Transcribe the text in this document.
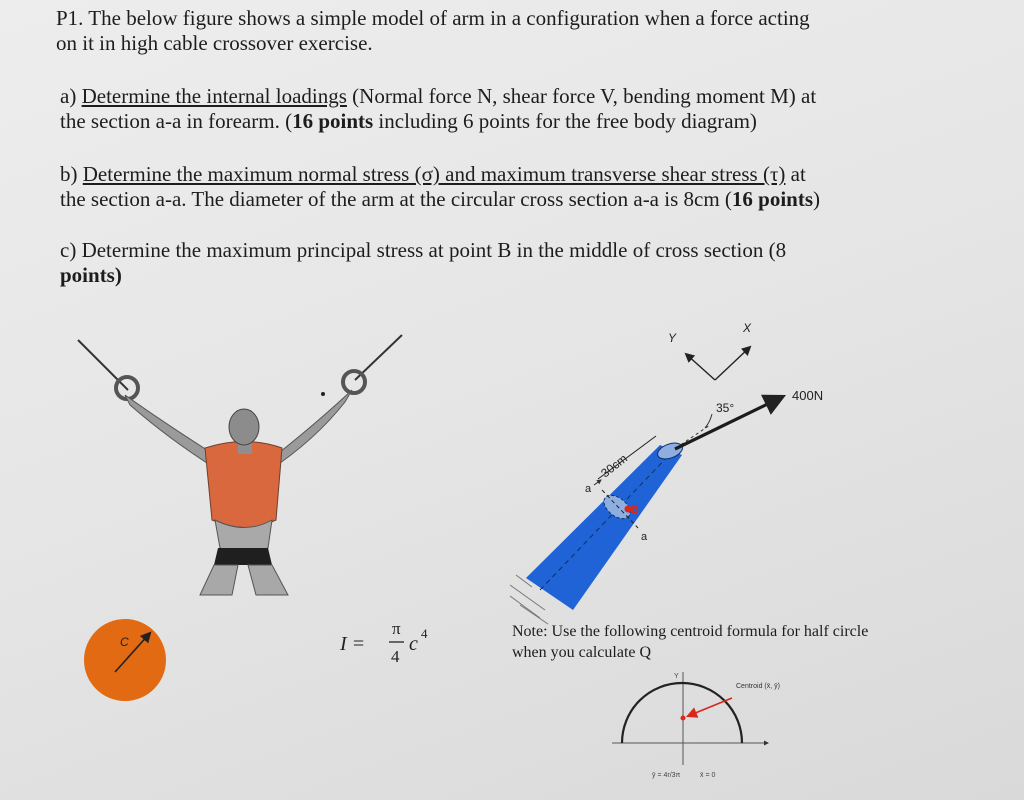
P1. The below figure shows a simple model of arm in a configuration when a force acting
on it in high cable crossover exercise.
a) Determine the internal loadings (Normal force N, shear force V, bending moment M) at
the section a-a in forearm. (16 points including 6 points for the free body diagram)
b) Determine the maximum normal stress (σ) and maximum transverse shear stress (τ) at
the section a-a. The diameter of the arm at the circular cross section a-a is 8cm (16 points)
c) Determine the maximum principal stress at point B in the middle of cross section (8
points)
C	I =
π
4
c 4
Y
X
B
a
a
30cm
400N
35°
Y
Centroid (x̄, ȳ)
ȳ = 4r/3π	x̄ = 0
Note: Use the following centroid formula for half circle
when you calculate Q
